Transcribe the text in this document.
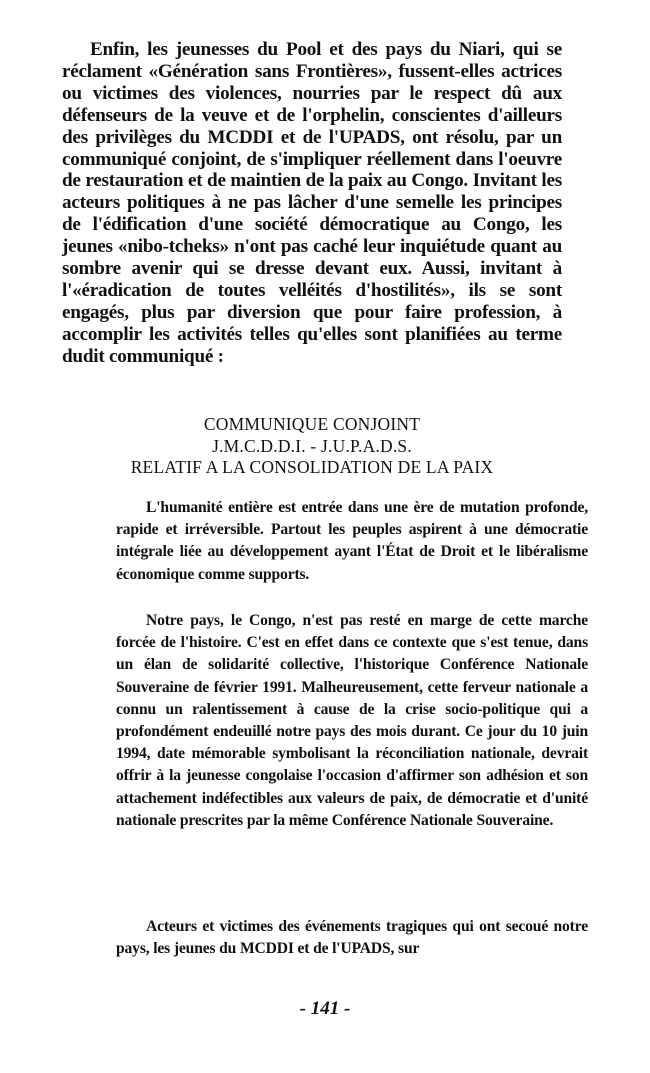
Enfin, les jeunesses du Pool et des pays du Niari, qui se réclament «Génération sans Frontières», fussent-elles actrices ou victimes des violences, nourries par le respect dû aux défenseurs de la veuve et de l'orphelin, conscientes d'ailleurs des privilèges du MCDDI et de l'UPADS, ont résolu, par un communiqué conjoint, de s'impliquer réellement dans l'oeuvre de restauration et de maintien de la paix au Congo. Invitant les acteurs politiques à ne pas lâcher d'une semelle les principes de l'édification d'une société démocratique au Congo, les jeunes «nibo-tcheks» n'ont pas caché leur inquiétude quant au sombre avenir qui se dresse devant eux. Aussi, invitant à l'«éradication de toutes velléités d'hostilités», ils se sont engagés, plus par diversion que pour faire profession, à accomplir les activités telles qu'elles sont planifiées au terme dudit communiqué :

COMMUNIQUE CONJOINT
J.M.C.D.D.I. - J.U.P.A.D.S.
RELATIF A LA CONSOLIDATION DE LA PAIX

L'humanité entière est entrée dans une ère de mutation profonde, rapide et irréversible. Partout les peuples aspirent à une démocratie intégrale liée au développement ayant l'État de Droit et le libéralisme économique comme supports.

Notre pays, le Congo, n'est pas resté en marge de cette marche forcée de l'histoire. C'est en effet dans ce contexte que s'est tenue, dans un élan de solidarité collective, l'historique Conférence Nationale Souveraine de février 1991. Malheureusement, cette ferveur nationale a connu un ralentissement à cause de la crise socio-politique qui a profondément endeuillé notre pays des mois durant. Ce jour du 10 juin 1994, date mémorable symbolisant la réconciliation nationale, devrait offrir à la jeunesse congolaise l'occasion d'affirmer son adhésion et son attachement indéfectibles aux valeurs de paix, de démocratie et d'unité nationale prescrites par la même Conférence Nationale Souveraine.

Acteurs et victimes des événements tragiques qui ont secoué notre pays, les jeunes du MCDDI et de l'UPADS, sur

- 141 -
